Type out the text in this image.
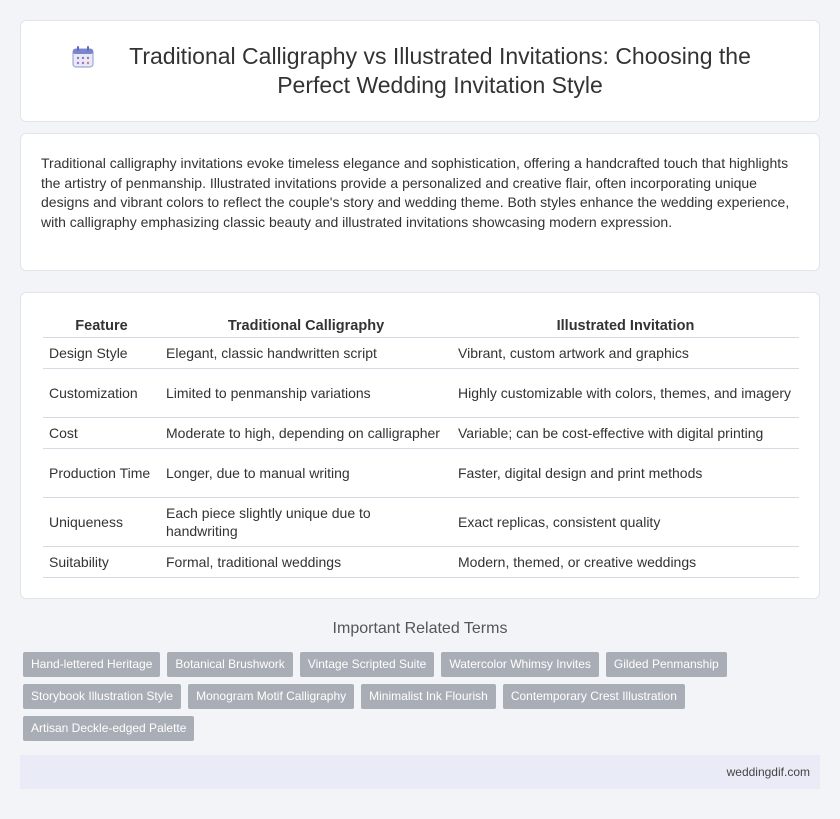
Traditional Calligraphy vs Illustrated Invitations: Choosing the Perfect Wedding Invitation Style

Traditional calligraphy invitations evoke timeless elegance and sophistication, offering a handcrafted touch that highlights the artistry of penmanship. Illustrated invitations provide a personalized and creative flair, often incorporating unique designs and vibrant colors to reflect the couple's story and wedding theme. Both styles enhance the wedding experience, with calligraphy emphasizing classic beauty and illustrated invitations showcasing modern expression.

Feature	Traditional Calligraphy	Illustrated Invitation
Design Style	Elegant, classic handwritten script	Vibrant, custom artwork and graphics
Customization	Limited to penmanship variations	Highly customizable with colors, themes, and imagery
Cost	Moderate to high, depending on calligrapher	Variable; can be cost-effective with digital printing
Production Time	Longer, due to manual writing	Faster, digital design and print methods
Uniqueness	Each piece slightly unique due to handwriting	Exact replicas, consistent quality
Suitability	Formal, traditional weddings	Modern, themed, or creative weddings
Important Related Terms
Hand-lettered Heritage	Botanical Brushwork	Vintage Scripted Suite	Watercolor Whimsy Invites	Gilded Penmanship
Storybook Illustration Style	Monogram Motif Calligraphy	Minimalist Ink Flourish	Contemporary Crest Illustration
Artisan Deckle-edged Palette
weddingdif.com
